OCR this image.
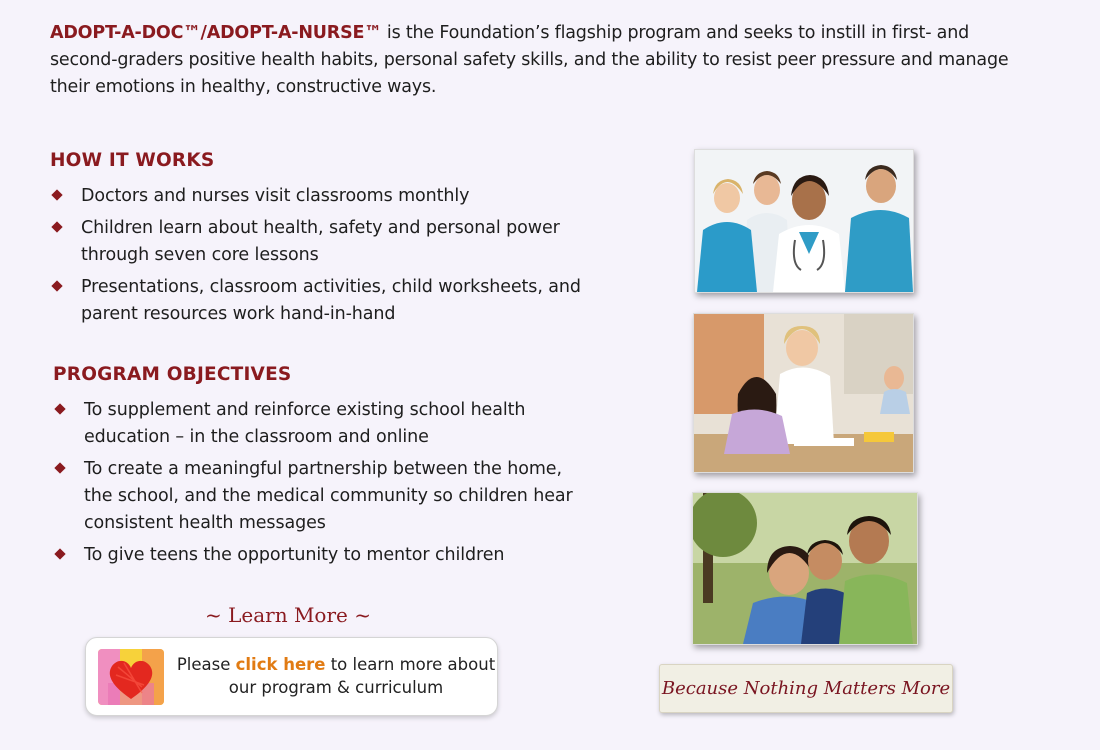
ADOPT-A-DOC™/ADOPT-A-NURSE™ is the Foundation’s flagship program and seeks to instill in first- and second-graders positive health habits, personal safety skills, and the ability to resist peer pressure and manage their emotions in healthy, constructive ways.
HOW IT WORKS
Doctors and nurses visit classrooms monthly
Children learn about health, safety and personal power through seven core lessons
Presentations, classroom activities, child worksheets, and parent resources work hand-in-hand
PROGRAM OBJECTIVES
To supplement and reinforce existing school health education – in the classroom and online
To create a meaningful partnership between the home, the school, and the medical community so children hear consistent health messages
To give teens the opportunity to mentor children
~ Learn More ~
Please click here to learn more about our program & curriculum	Because Nothing Matters More
